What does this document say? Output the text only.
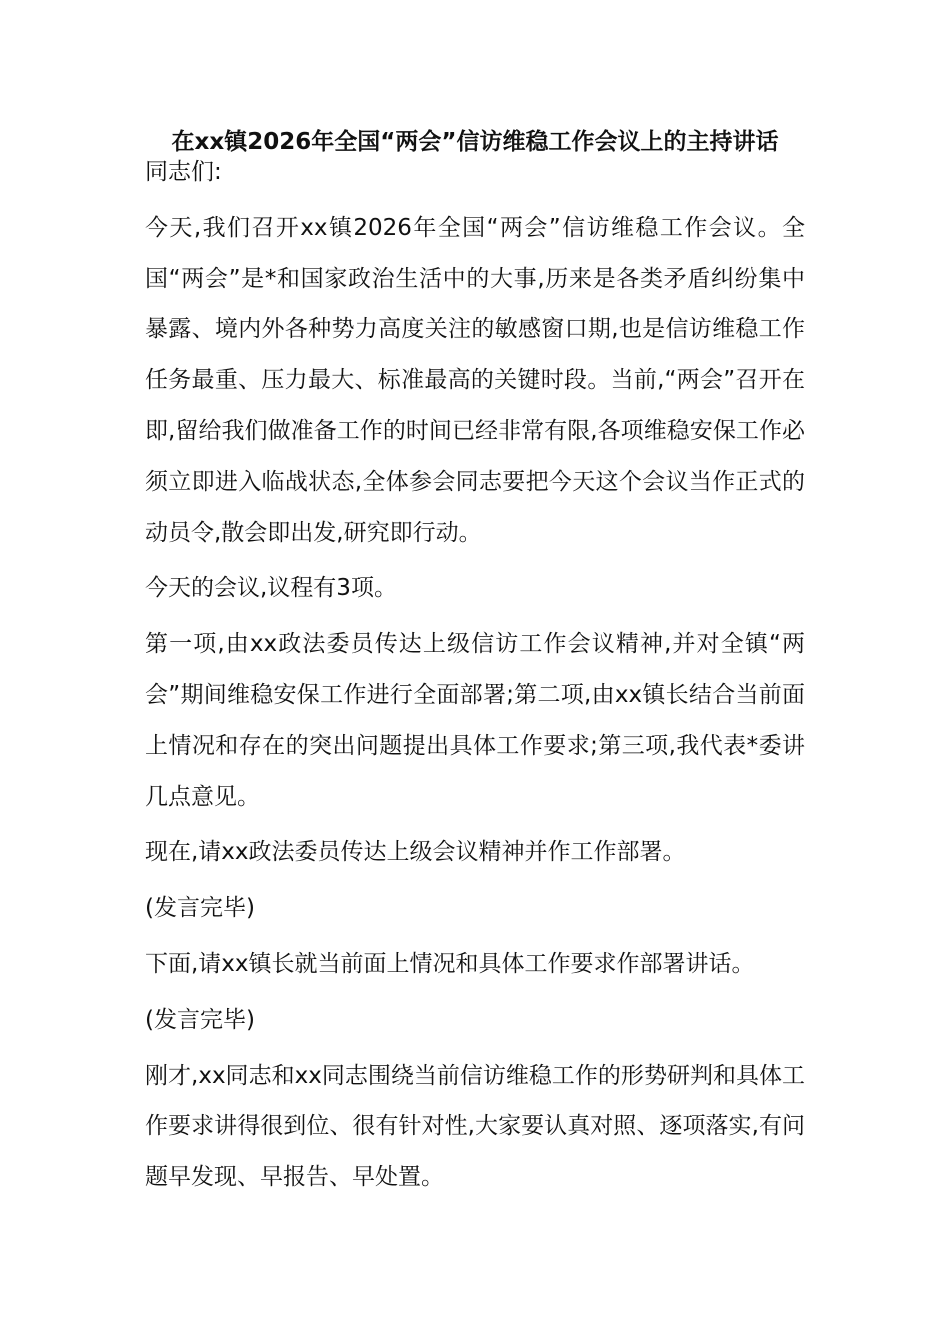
在xx镇2026年全国“两会”信访维稳工作会议上的主持讲话

同志们:

今天,我们召开xx镇2026年全国“两会”信访维稳工作会议。全国“两会”是*和国家政治生活中的大事,历来是各类矛盾纠纷集中暴露、境内外各种势力高度关注的敏感窗口期,也是信访维稳工作任务最重、压力最大、标准最高的关键时段。当前,“两会”召开在即,留给我们做准备工作的时间已经非常有限,各项维稳安保工作必须立即进入临战状态,全体参会同志要把今天这个会议当作正式的动员令,散会即出发,研究即行动。

今天的会议,议程有3项。

第一项,由xx政法委员传达上级信访工作会议精神,并对全镇“两会”期间维稳安保工作进行全面部署;第二项,由xx镇长结合当前面上情况和存在的突出问题提出具体工作要求;第三项,我代表*委讲几点意见。

现在,请xx政法委员传达上级会议精神并作工作部署。

(发言完毕)

下面,请xx镇长就当前面上情况和具体工作要求作部署讲话。

(发言完毕)

刚才,xx同志和xx同志围绕当前信访维稳工作的形势研判和具体工作要求讲得很到位、很有针对性,大家要认真对照、逐项落实,有问题早发现、早报告、早处置。
